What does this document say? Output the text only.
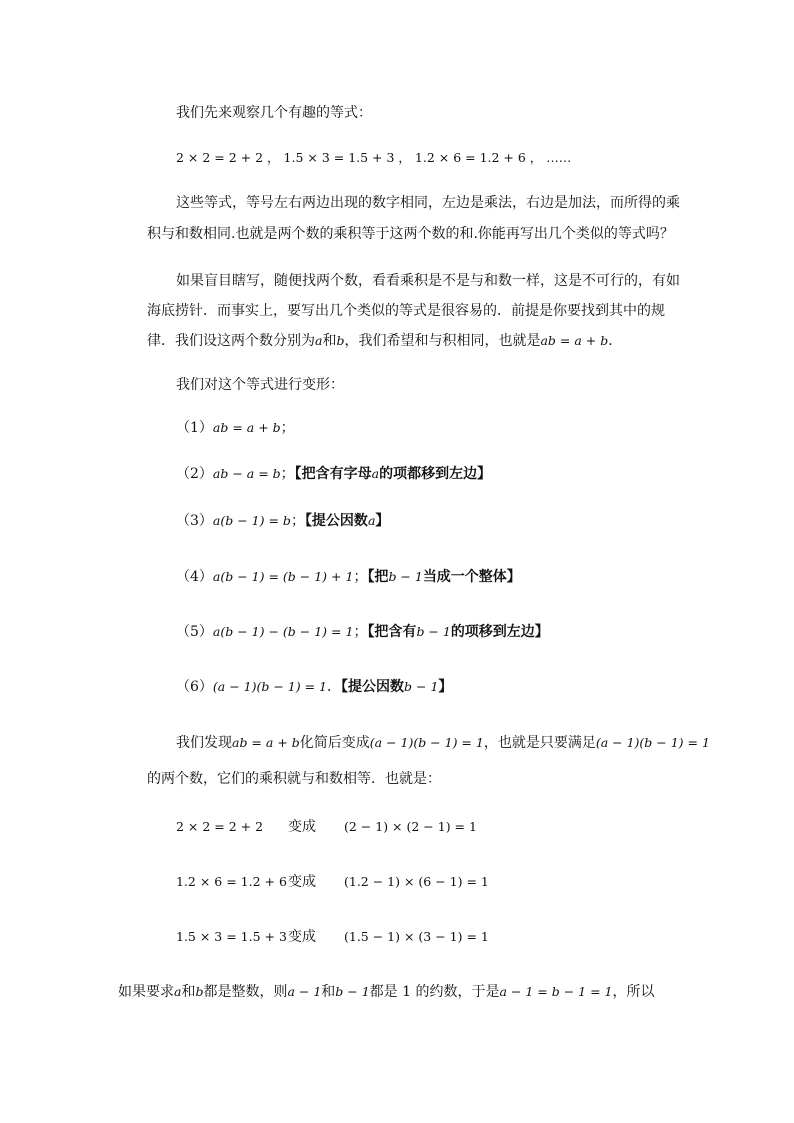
我们先来观察几个有趣的等式：
2 × 2 = 2 + 2 ， 1.5 × 3 = 1.5 + 3 ， 1.2 × 6 = 1.2 + 6 ， ……
这些等式，等号左右两边出现的数字相同，左边是乘法，右边是加法，而所得的乘
积与和数相同.也就是两个数的乘积等于这两个数的和.你能再写出几个类似的等式吗？
如果盲目瞎写，随便找两个数，看看乘积是不是与和数一样，这是不可行的，有如
海底捞针．而事实上，要写出几个类似的等式是很容易的．前提是你要找到其中的规
律．我们设这两个数分别为a和b，我们希望和与积相同，也就是ab = a + b．
我们对这个等式进行变形：
（1）ab = a + b；
（2）ab − a = b；【把含有字母a的项都移到左边】
（3）a(b − 1) = b；【提公因数a】
（4）a(b − 1) = (b − 1) + 1；【把b − 1当成一个整体】
（5）a(b − 1) − (b − 1) = 1；【把含有b − 1的项移到左边】
（6）(a − 1)(b − 1) = 1．【提公因数b − 1】
我们发现ab = a + b化简后变成(a − 1)(b − 1) = 1，也就是只要满足(a − 1)(b − 1) = 1
的两个数，它们的乘积就与和数相等．也就是：
2 × 2 = 2 + 2 变成 (2 − 1) × (2 − 1) = 1
1.2 × 6 = 1.2 + 6 变成 (1.2 − 1) × (6 − 1) = 1
1.5 × 3 = 1.5 + 3 变成 (1.5 − 1) × (3 − 1) = 1
如果要求a和b都是整数，则a − 1和b − 1都是 1 的约数，于是a − 1 = b − 1 = 1，所以
